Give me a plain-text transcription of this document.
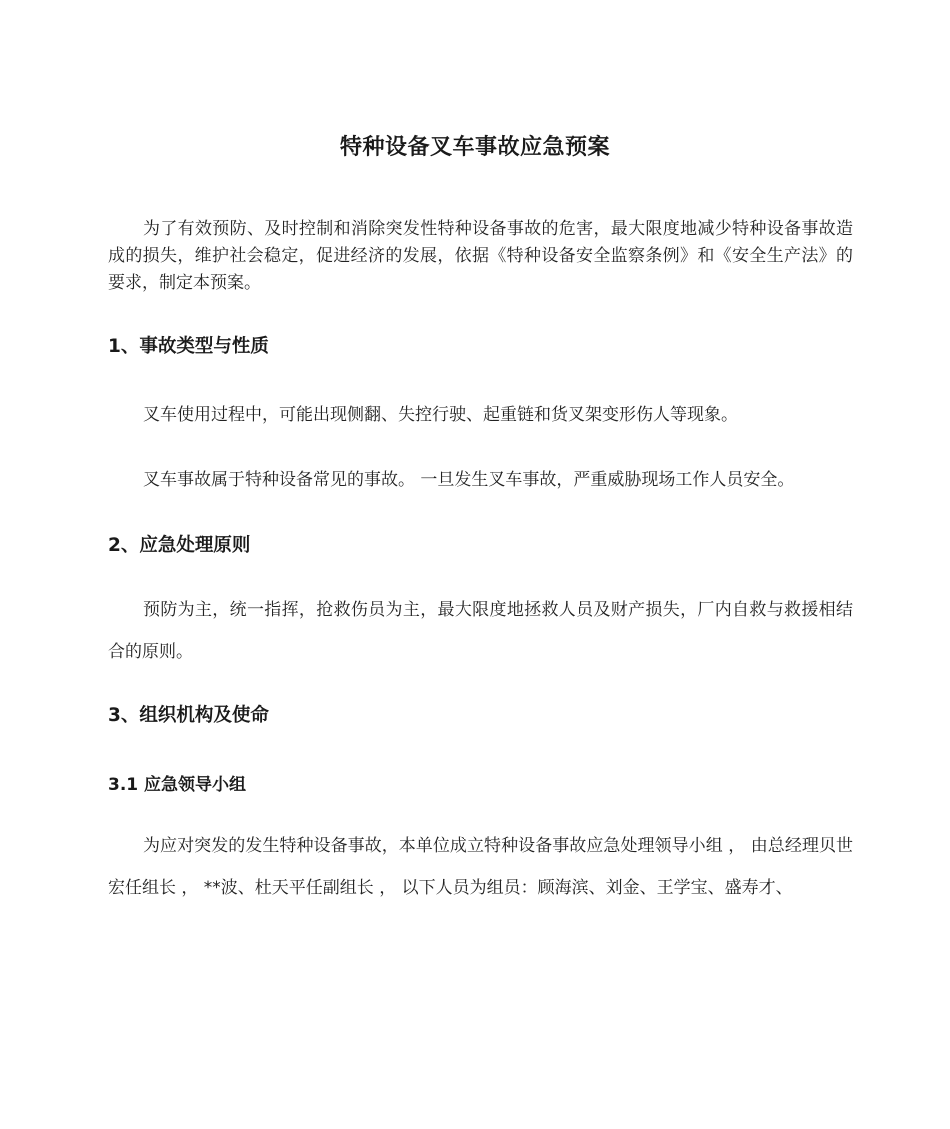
特种设备叉车事故应急预案
为了有效预防、及时控制和消除突发性特种设备事故的危害，最大限度地减少特种设备事故造成的损失，维护社会稳定，促进经济的发展，依据《特种设备安全监察条例》和《安全生产法》的要求，制定本预案。
1、事故类型与性质
叉车使用过程中，可能出现侧翻、失控行驶、起重链和货叉架变形伤人等现象。
叉车事故属于特种设备常见的事故。 一旦发生叉车事故，严重威胁现场工作人员安全。
2、应急处理原则
预防为主，统一指挥，抢救伤员为主，最大限度地拯救人员及财产损失，厂内自救与救援相结合的原则。
3、组织机构及使命
3.1 应急领导小组
为应对突发的发生特种设备事故，本单位成立特种设备事故应急处理领导小组 ， 由总经理贝世宏任组长 ， **波、杜天平任副组长 ， 以下人员为组员：顾海滨、刘金、王学宝、盛寿才、
